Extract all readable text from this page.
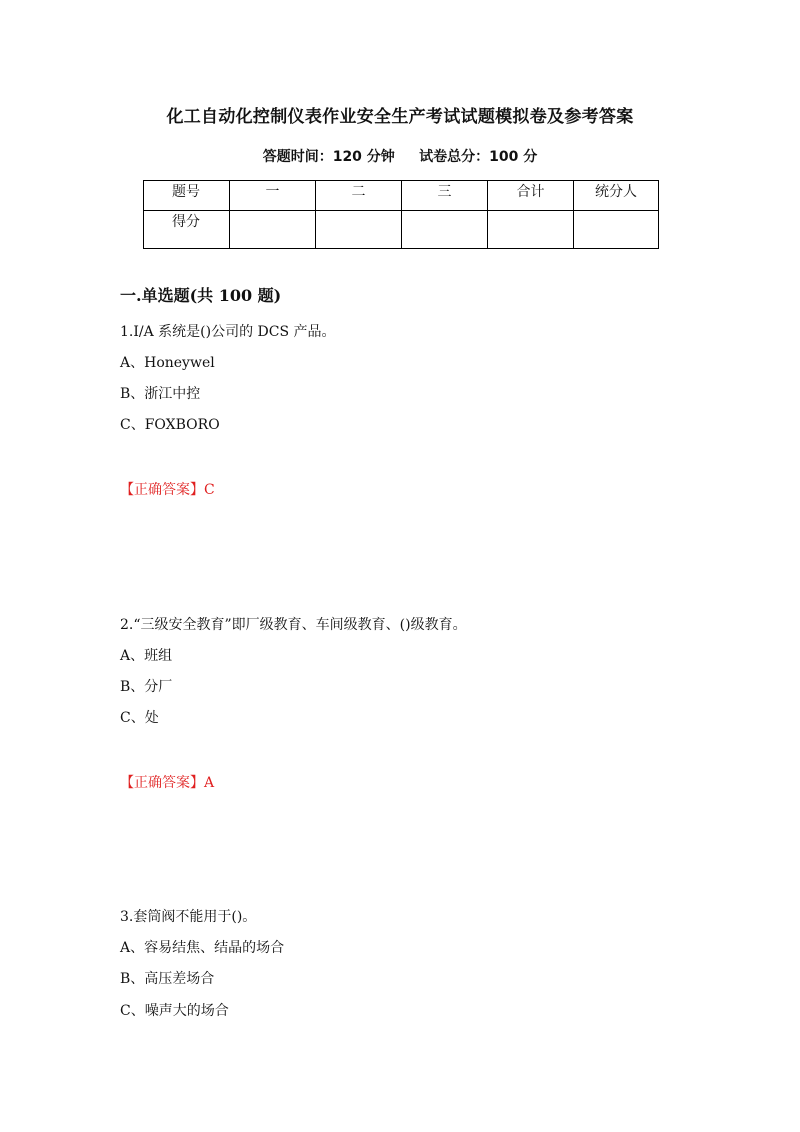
化工自动化控制仪表作业安全生产考试试题模拟卷及参考答案
答题时间：120 分钟     试卷总分：100 分
题号	一	二	三	合计	统分人
得分					
一.单选题(共 100 题)
1.I/A 系统是()公司的 DCS 产品。
A、Honeywel
B、浙江中控
C、FOXBORO
【正确答案】C
2.“三级安全教育”即厂级教育、车间级教育、()级教育。
A、班组
B、分厂
C、处
【正确答案】A
3.套筒阀不能用于()。
A、容易结焦、结晶的场合
B、高压差场合
C、噪声大的场合
